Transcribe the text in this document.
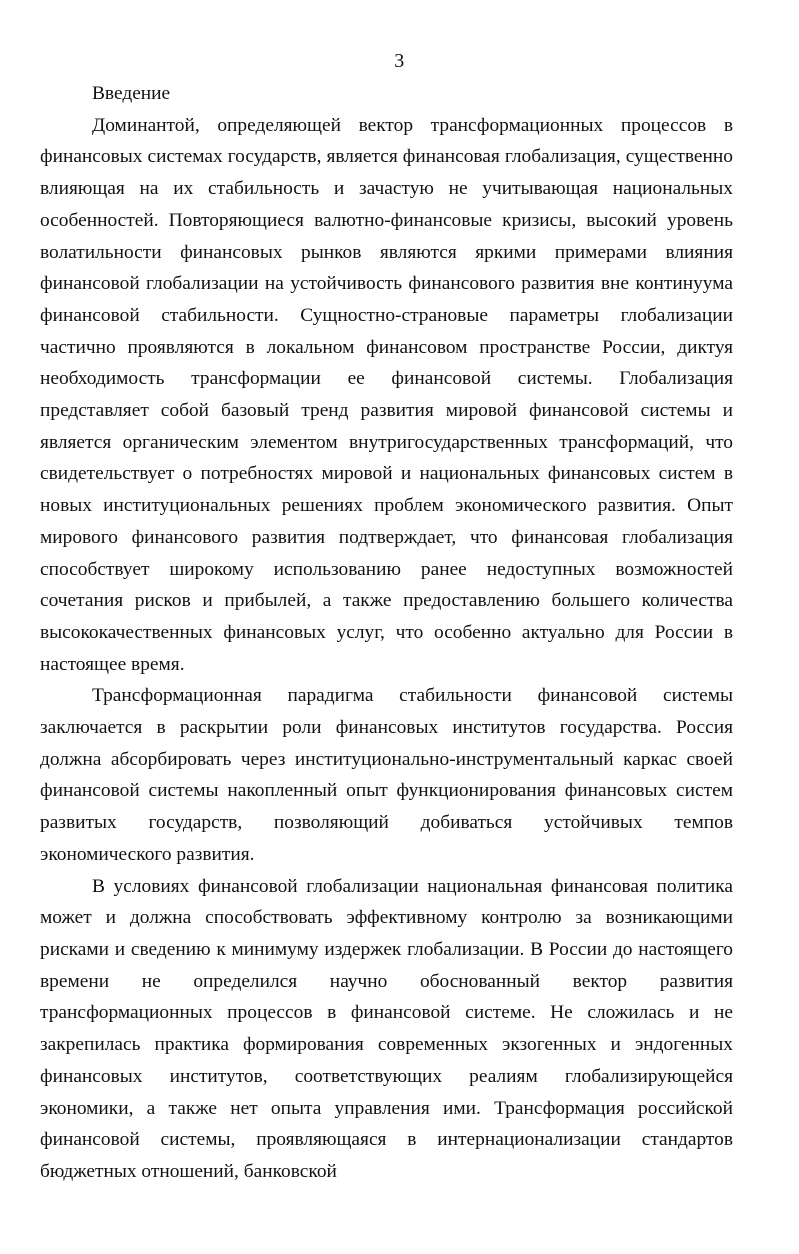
3
Введение

Доминантой, определяющей вектор трансформационных процессов в финансовых системах государств, является финансовая глобализация, существенно влияющая на их стабильность и зачастую не учитывающая национальных особенностей. Повторяющиеся валютно-финансовые кризисы, высокий уровень волатильности финансовых рынков являются яркими примерами влияния финансовой глобализации на устойчивость финансового развития вне континуума финансовой стабильности. Сущностно-страновые параметры глобализации частично проявляются в локальном финансовом пространстве России, диктуя необходимость трансформации ее финансовой системы. Глобализация представляет собой базовый тренд развития мировой финансовой системы и является органическим элементом внутригосударственных трансформаций, что свидетельствует о потребностях мировой и национальных финансовых систем в новых институциональных решениях проблем экономического развития. Опыт мирового финансового развития подтверждает, что финансовая глобализация способствует широкому использованию ранее недоступных возможностей сочетания рисков и прибылей, а также предоставлению большего количества высококачественных финансовых услуг, что особенно актуально для России в настоящее время.

Трансформационная парадигма стабильности финансовой системы заключается в раскрытии роли финансовых институтов государства. Россия должна абсорбировать через институционально-инструментальный каркас своей финансовой системы накопленный опыт функционирования финансовых систем развитых государств, позволяющий добиваться устойчивых темпов экономического развития.

В условиях финансовой глобализации национальная финансовая политика может и должна способствовать эффективному контролю за возникающими рисками и сведению к минимуму издержек глобализации. В России до настоящего времени не определился научно обоснованный вектор развития трансформационных процессов в финансовой системе. Не сложилась и не закрепилась практика формирования современных экзогенных и эндогенных финансовых институтов, соответствующих реалиям глобализирующейся экономики, а также нет опыта управления ими. Трансформация российской финансовой системы, проявляющаяся в интернационализации стандартов бюджетных отношений, банковской
